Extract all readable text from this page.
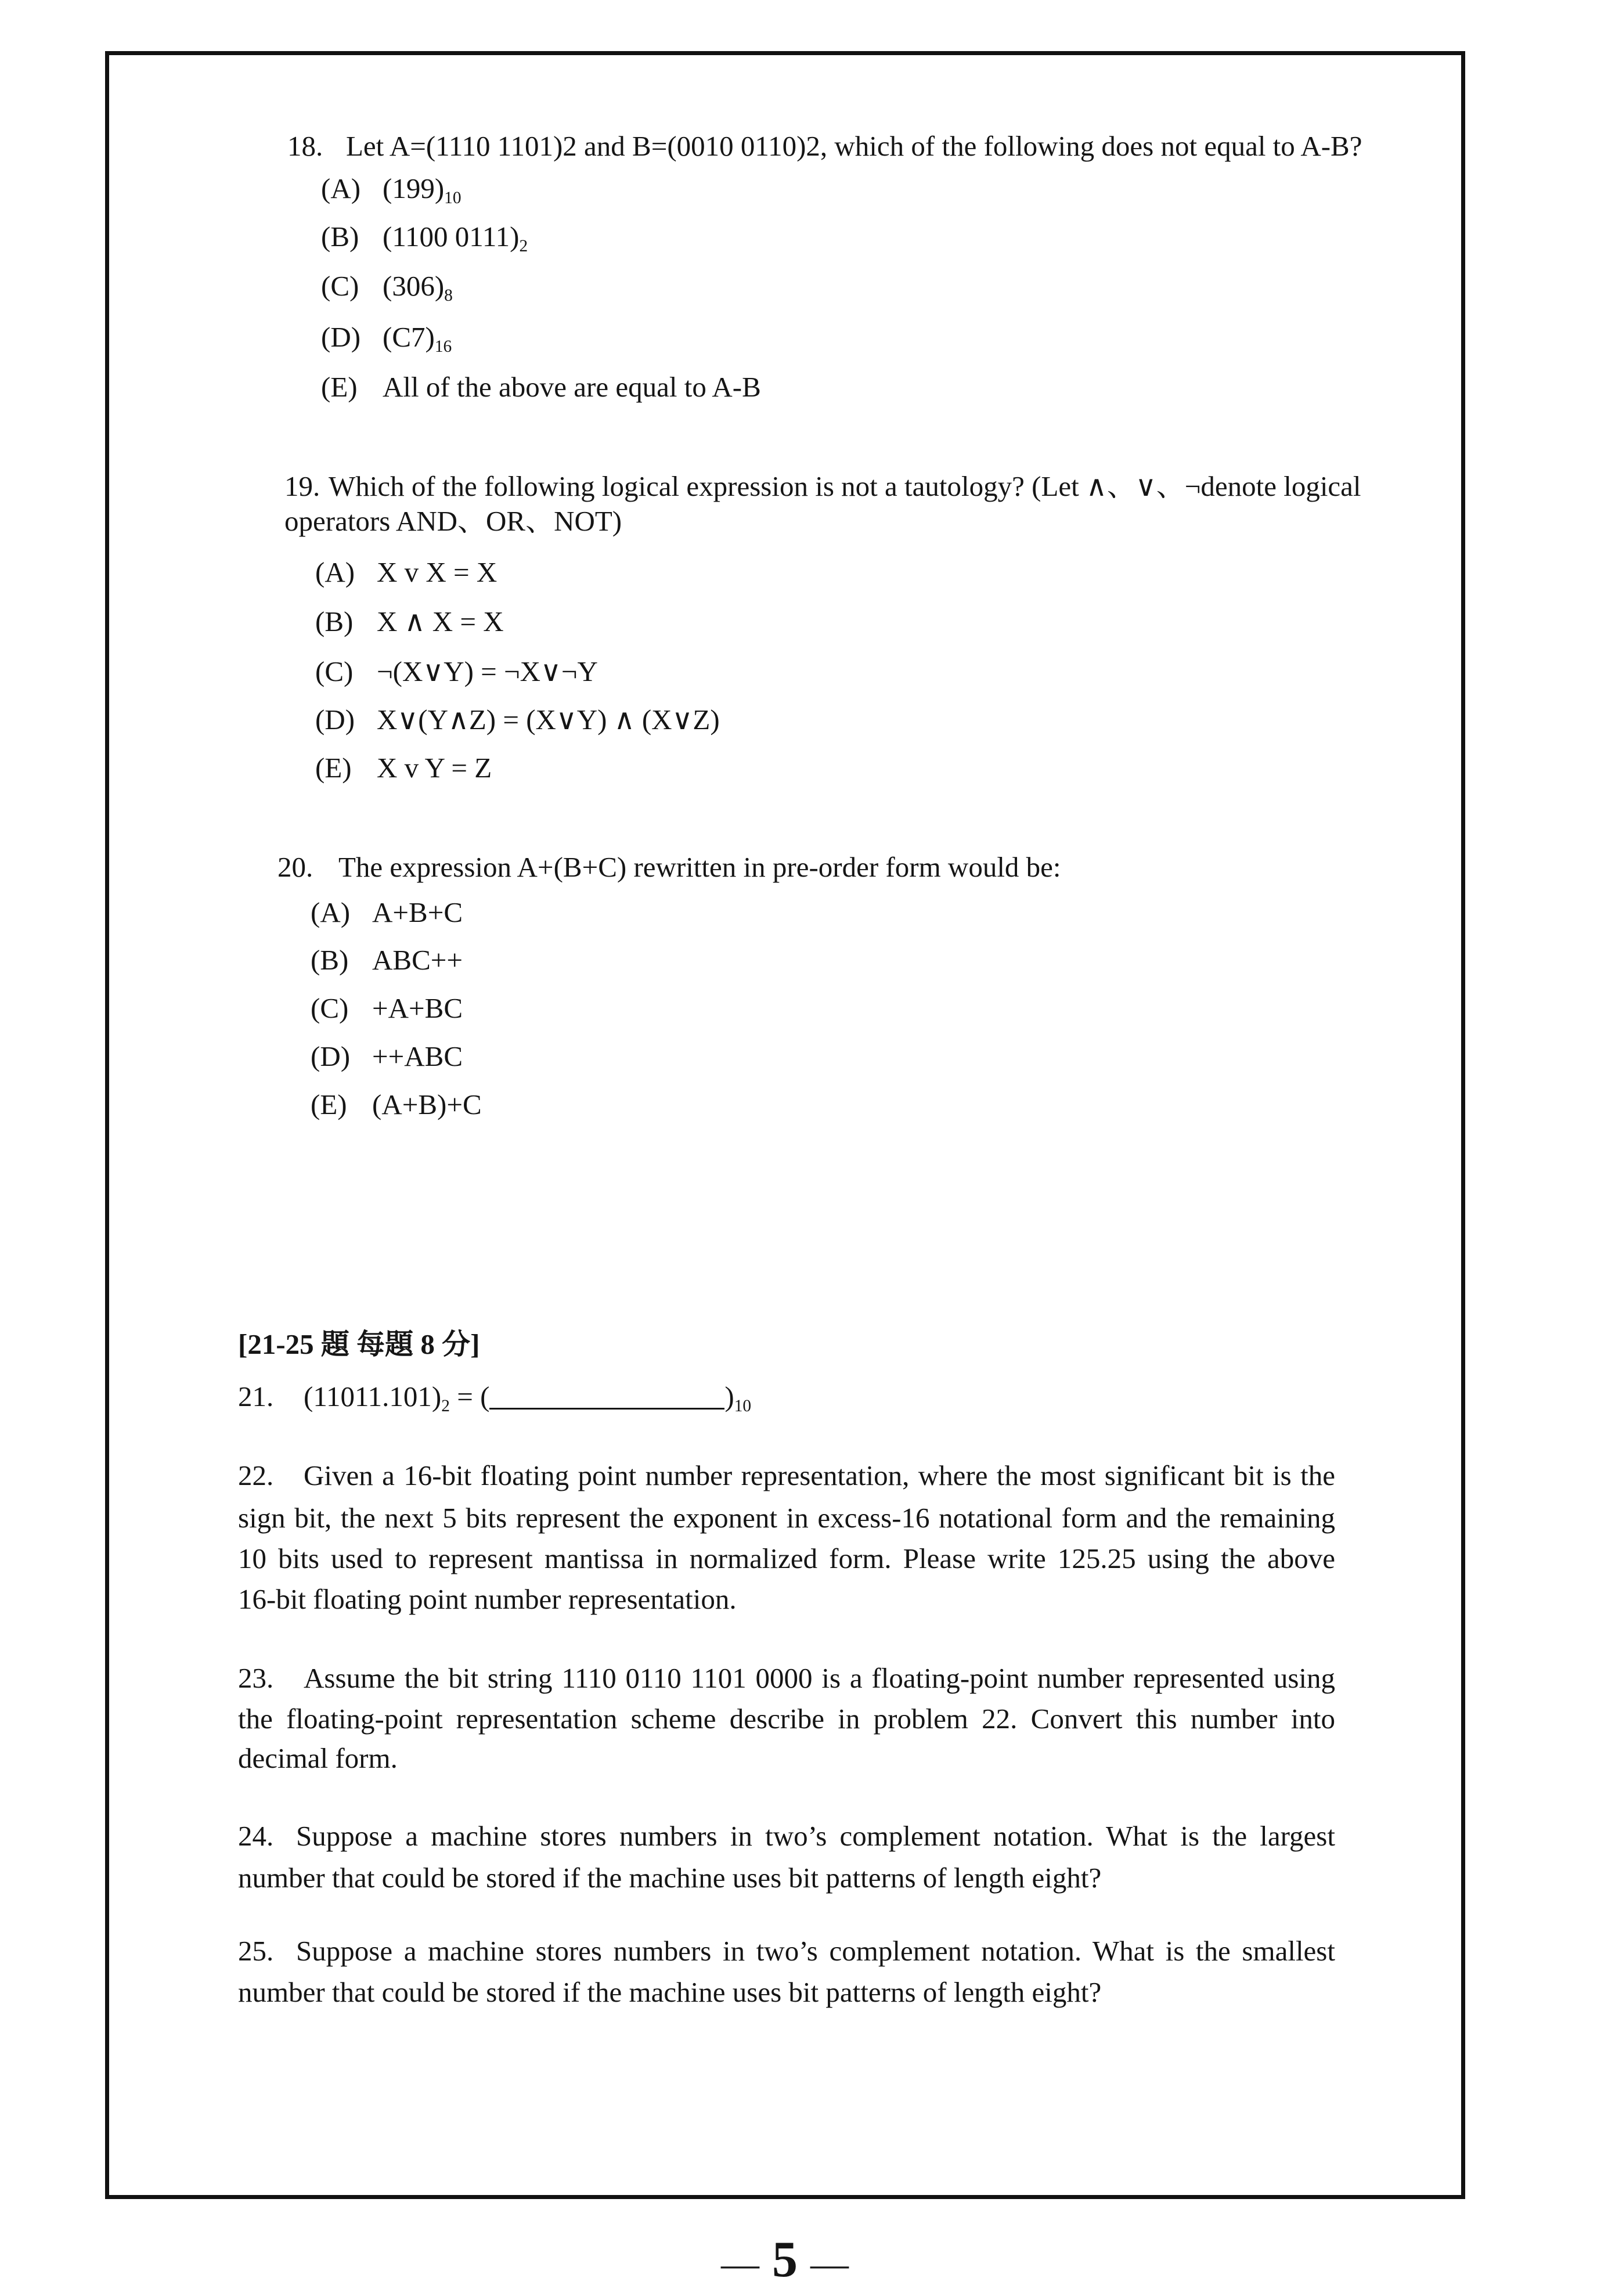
18. Let A=(1110 1101)2 and B=(0010 0110)2, which of the following does not equal to A-B?
(A) $(199)_{10}$
(B) (1100 $0111)_2$
(C) $(306)_8$
(D) $(C7)_{16}$
(E) All of the above are equal to A-B
19. Which of the following logical expression is not a tautology? (Let ∧、∨、¬denote logical
operators AND、OR、NOT)
(A) X v X = X
(B) X ∧ X = X
(C) ¬(X∨Y) = ¬X∨¬Y
(D) X∨(Y∧Z) = (X∨Y) ∧ (X∨Z)
(E) X v Y = Z
20. The expression A+(B+C) rewritten in pre-order form would be:
(A) A+B+C
(B) ABC++
(C) +A+BC
(D) ++ABC
(E) (A+B)+C
[21-25 題 每題 8 分]
21. $(11011.101)_2$ = (	)$_{10}$
22. Given a 16-bit floating point number representation, where the most significant bit is the
sign bit, the next 5 bits represent the exponent in excess-16 notational form and the remaining
10 bits used to represent mantissa in normalized form. Please write 125.25 using the above
16-bit floating point number representation.
23. Assume the bit string 1110 0110 1101 0000 is a floating-point number represented using
the floating-point representation scheme describe in problem 22. Convert this number into
decimal form.
24. Suppose a machine stores numbers in two’s complement notation. What is the largest
number that could be stored if the machine uses bit patterns of length eight?
25. Suppose a machine stores numbers in two’s complement notation. What is the smallest
number that could be stored if the machine uses bit patterns of length eight?
— 5 —
